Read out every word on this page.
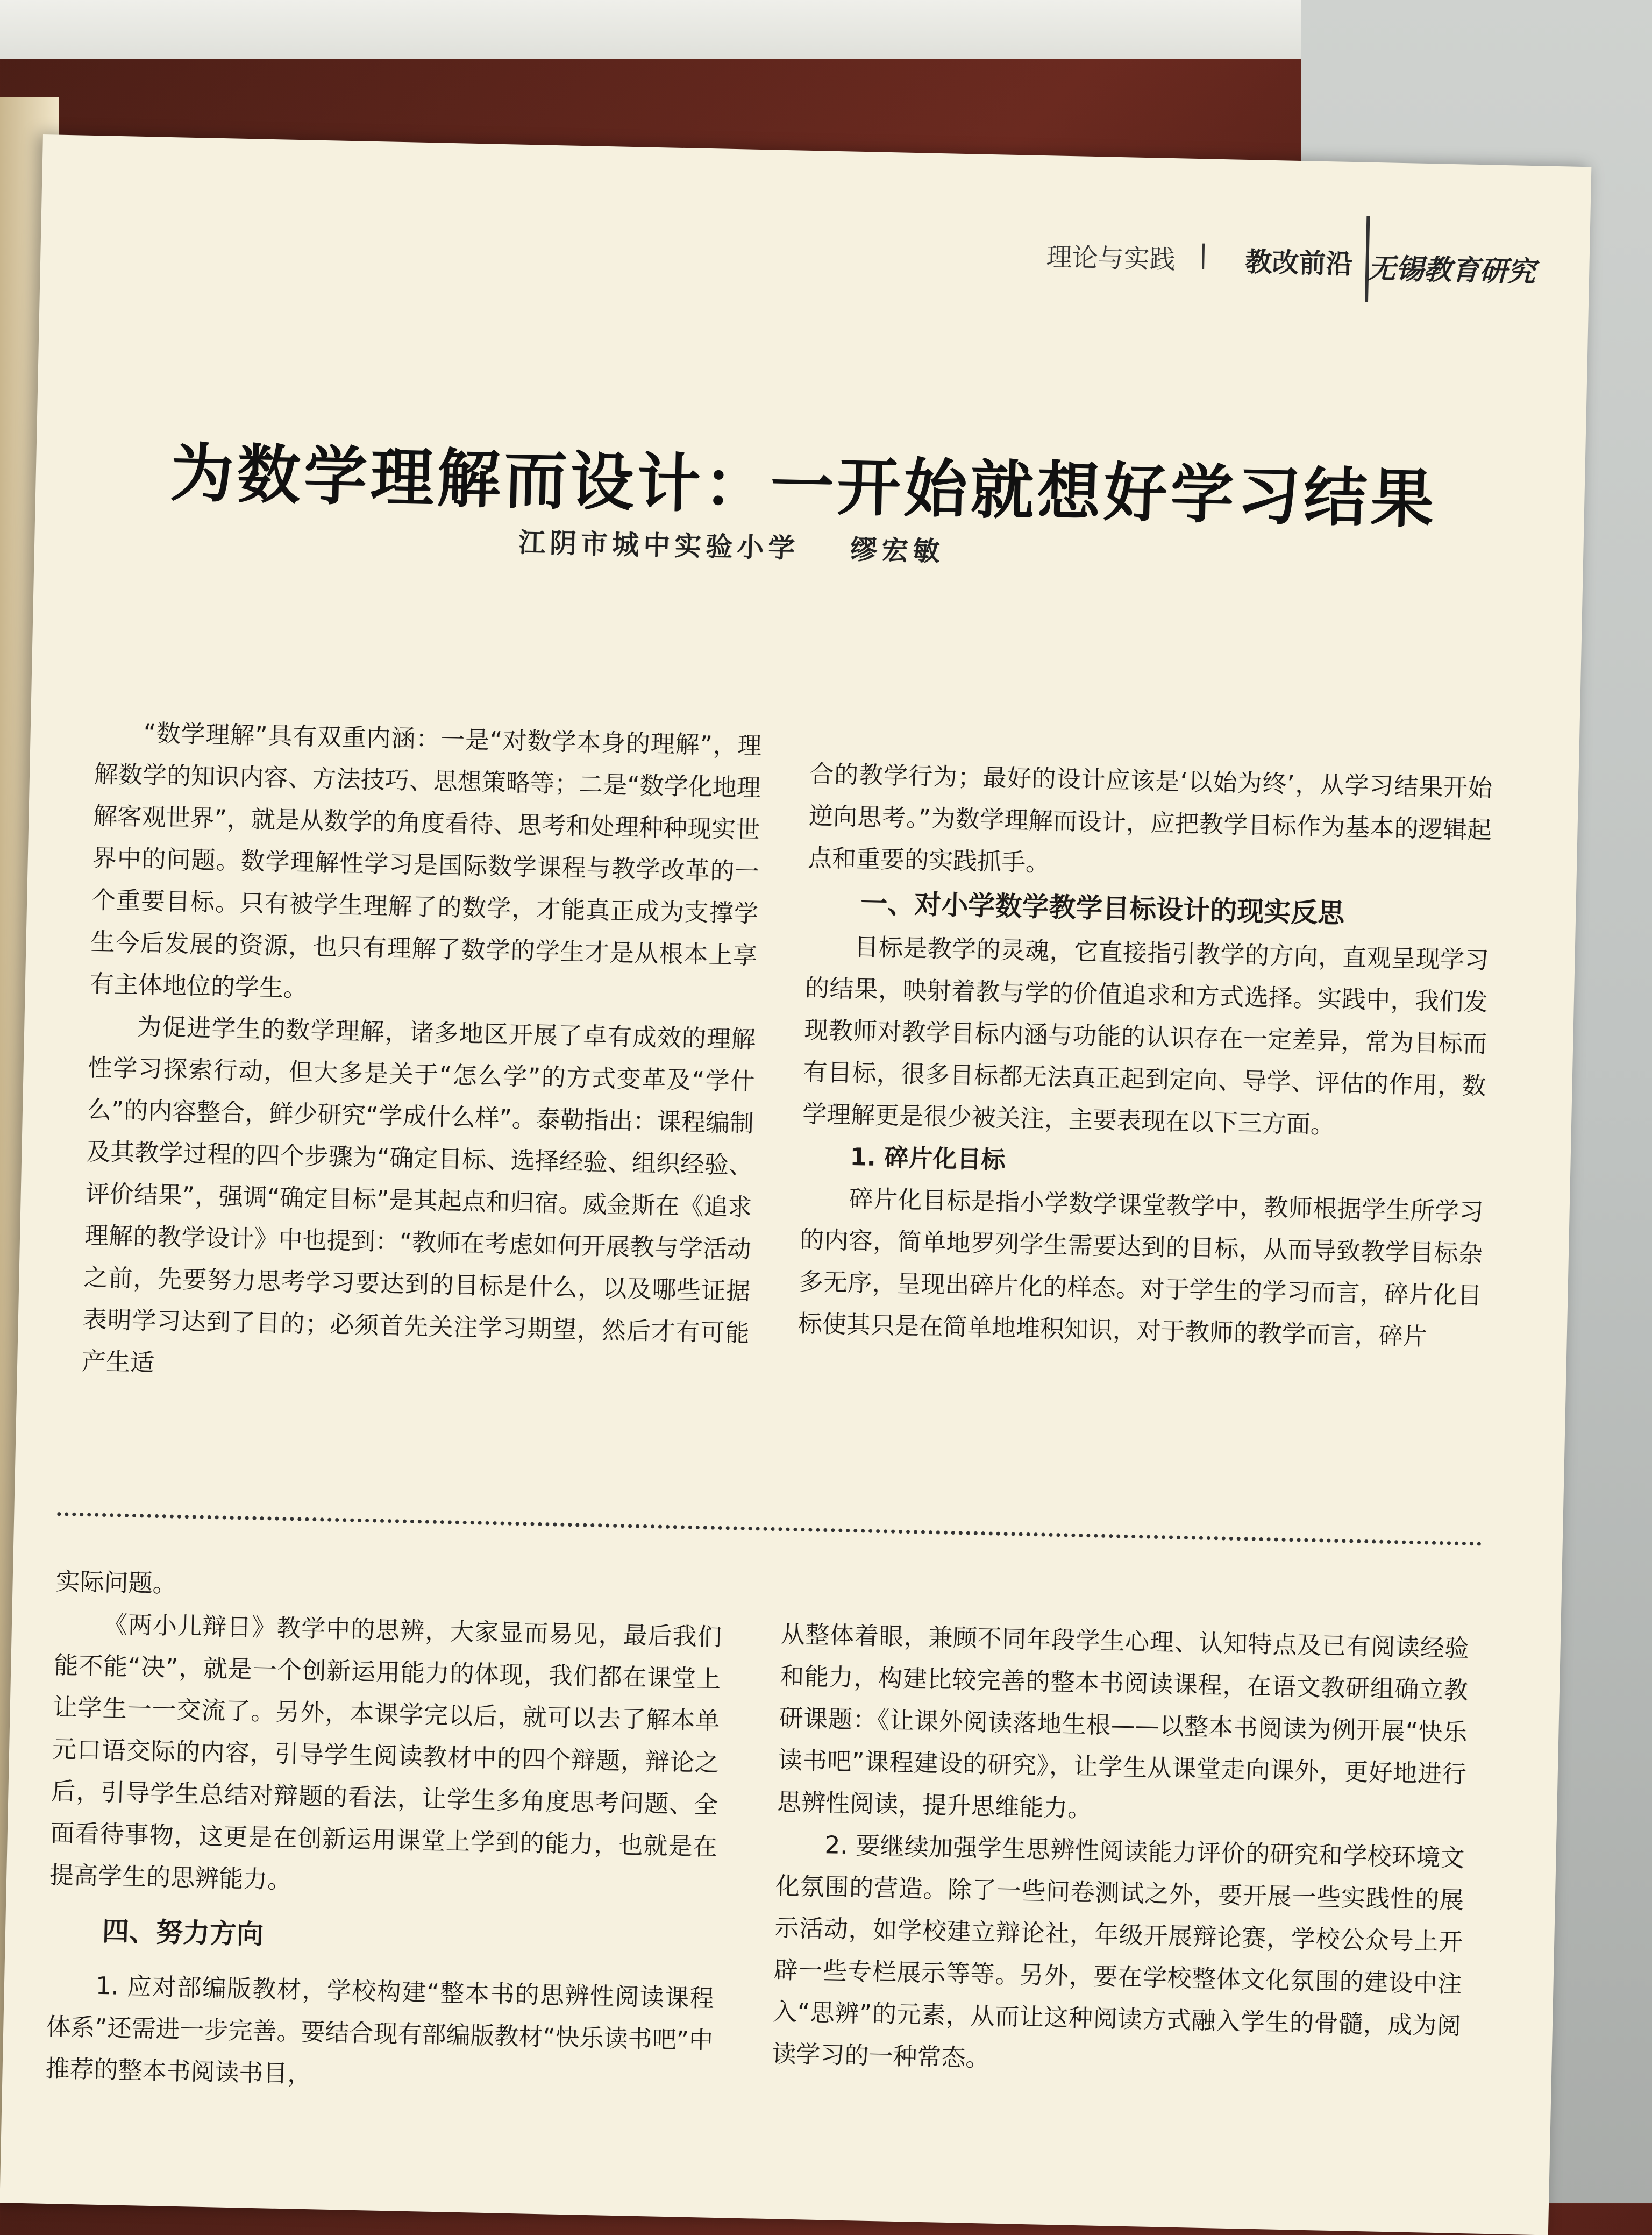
理论与实践 | 教改前沿 无锡教育研究
为数学理解而设计：一开始就想好学习结果
江阴市城中实验小学 缪宏敏

“数学理解”具有双重内涵：一是“对数学本身的理解”，理解数学的知识内容、方法技巧、思想策略等；二是“数学化地理解客观世界”，就是从数学的角度看待、思考和处理种种现实世界中的问题。数学理解性学习是国际数学课程与教学改革的一个重要目标。只有被学生理解了的数学，才能真正成为支撑学生今后发展的资源，也只有理解了数学的学生才是从根本上享有主体地位的学生。

为促进学生的数学理解，诸多地区开展了卓有成效的理解性学习探索行动，但大多是关于“怎么学”的方式变革及“学什么”的内容整合，鲜少研究“学成什么样”。泰勒指出：课程编制及其教学过程的四个步骤为“确定目标、选择经验、组织经验、评价结果”，强调“确定目标”是其起点和归宿。威金斯在《追求理解的教学设计》中也提到：“教师在考虑如何开展教与学活动之前，先要努力思考学习要达到的目标是什么，以及哪些证据表明学习达到了目的；必须首先关注学习期望，然后才有可能产生适

合的教学行为；最好的设计应该是‘以始为终’，从学习结果开始逆向思考。”为数学理解而设计，应把教学目标作为基本的逻辑起点和重要的实践抓手。

一、对小学数学教学目标设计的现实反思

目标是教学的灵魂，它直接指引教学的方向，直观呈现学习的结果，映射着教与学的价值追求和方式选择。实践中，我们发现教师对教学目标内涵与功能的认识存在一定差异，常为目标而有目标，很多目标都无法真正起到定向、导学、评估的作用，数学理解更是很少被关注，主要表现在以下三方面。

1. 碎片化目标

碎片化目标是指小学数学课堂教学中，教师根据学生所学习的内容，简单地罗列学生需要达到的目标，从而导致教学目标杂多无序，呈现出碎片化的样态。对于学生的学习而言，碎片化目标使其只是在简单地堆积知识，对于教师的教学而言，碎片

实际问题。

《两小儿辩日》教学中的思辨，大家显而易见，最后我们能不能“决”，就是一个创新运用能力的体现，我们都在课堂上让学生一一交流了。另外，本课学完以后，就可以去了解本单元口语交际的内容，引导学生阅读教材中的四个辩题，辩论之后，引导学生总结对辩题的看法，让学生多角度思考问题、全面看待事物，这更是在创新运用课堂上学到的能力，也就是在提高学生的思辨能力。

四、努力方向

1. 应对部编版教材，学校构建“整本书的思辨性阅读课程体系”还需进一步完善。要结合现有部编版教材“快乐读书吧”中推荐的整本书阅读书目，

从整体着眼，兼顾不同年段学生心理、认知特点及已有阅读经验和能力，构建比较完善的整本书阅读课程，在语文教研组确立教研课题：《让课外阅读落地生根——以整本书阅读为例开展“快乐读书吧”课程建设的研究》，让学生从课堂走向课外，更好地进行思辨性阅读，提升思维能力。

2. 要继续加强学生思辨性阅读能力评价的研究和学校环境文化氛围的营造。除了一些问卷测试之外，要开展一些实践性的展示活动，如学校建立辩论社，年级开展辩论赛，学校公众号上开辟一些专栏展示等等。另外，要在学校整体文化氛围的建设中注入“思辨”的元素，从而让这种阅读方式融入学生的骨髓，成为阅读学习的一种常态。
